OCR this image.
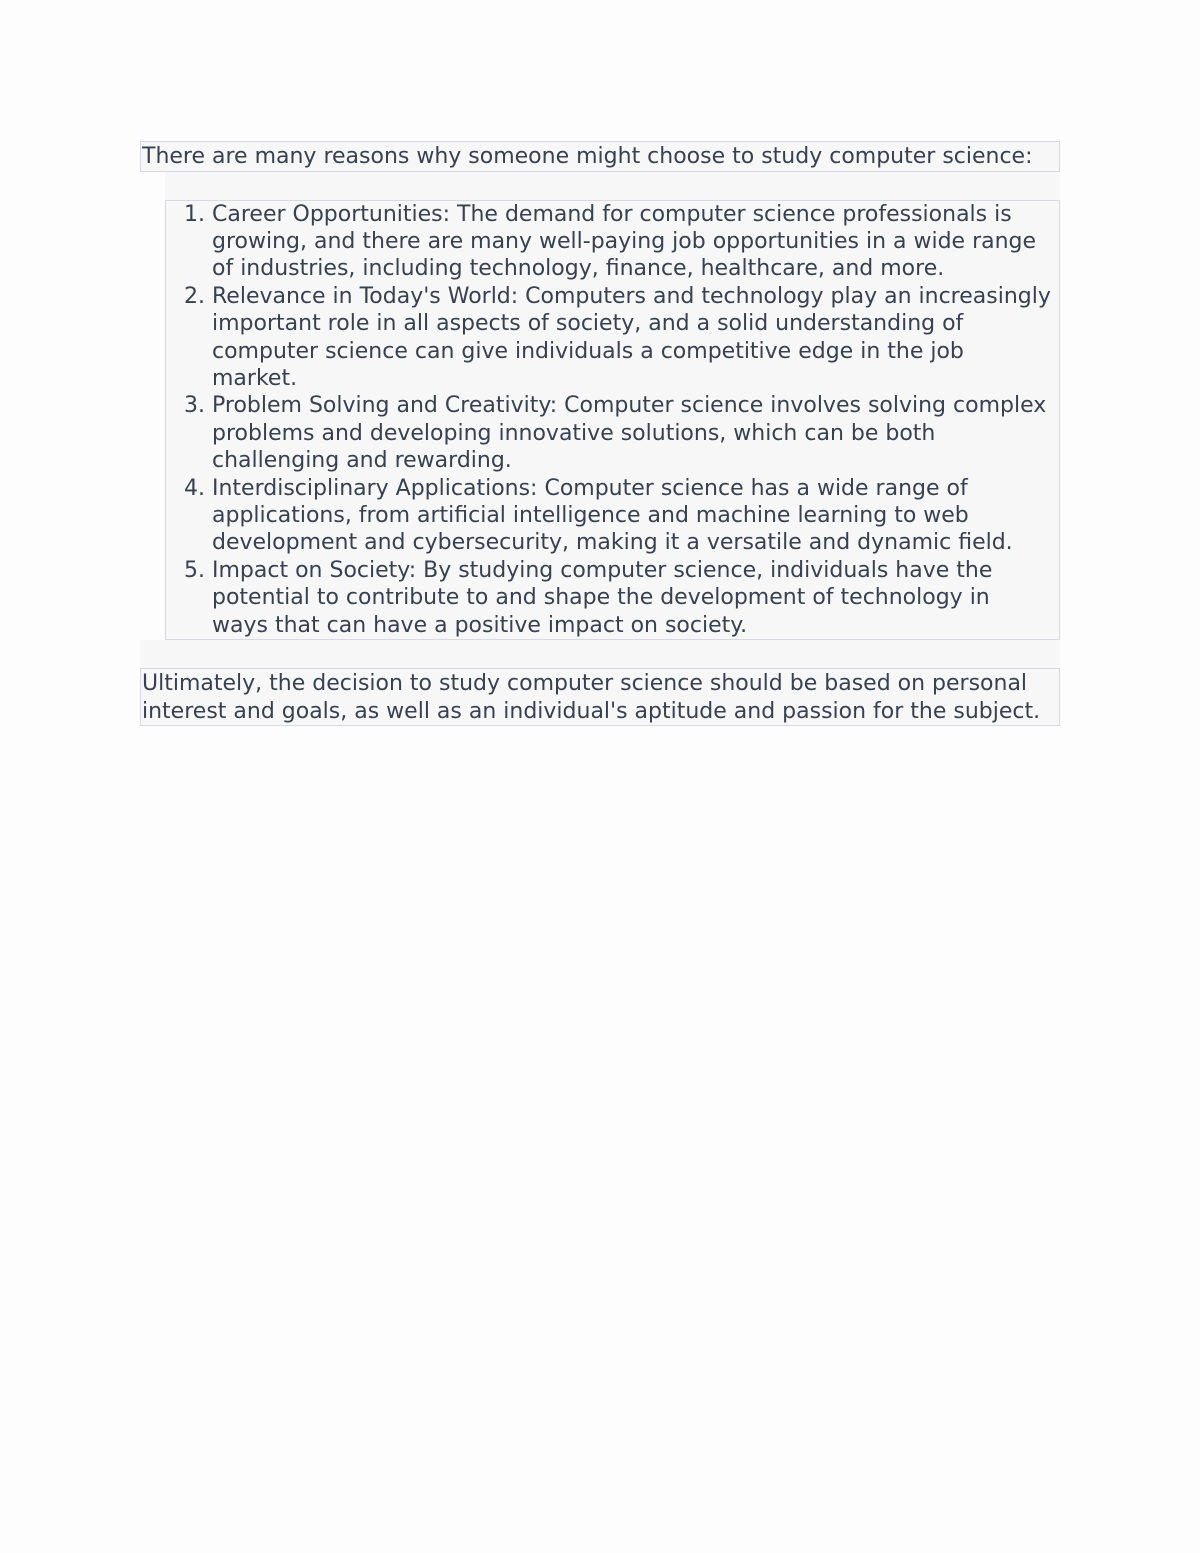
There are many reasons why someone might choose to study computer science:

1. Career Opportunities: The demand for computer science professionals is growing, and there are many well-paying job opportunities in a wide range of industries, including technology, finance, healthcare, and more.
2. Relevance in Today's World: Computers and technology play an increasingly important role in all aspects of society, and a solid understanding of computer science can give individuals a competitive edge in the job market.
3. Problem Solving and Creativity: Computer science involves solving complex problems and developing innovative solutions, which can be both challenging and rewarding.
4. Interdisciplinary Applications: Computer science has a wide range of applications, from artificial intelligence and machine learning to web development and cybersecurity, making it a versatile and dynamic field.
5. Impact on Society: By studying computer science, individuals have the potential to contribute to and shape the development of technology in ways that can have a positive impact on society.

Ultimately, the decision to study computer science should be based on personal interest and goals, as well as an individual's aptitude and passion for the subject.
